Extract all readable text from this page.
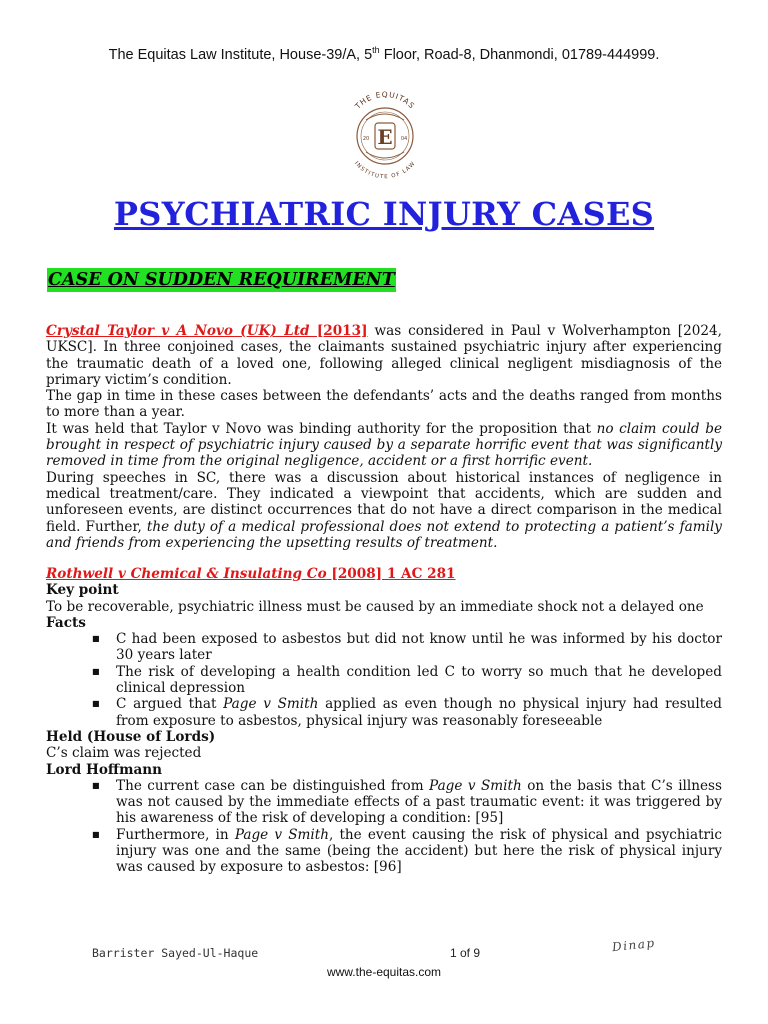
The Equitas Law Institute, House-39/A, 5th Floor, Road-8, Dhanmondi, 01789-444999.
E
20	04
THE EQUITAS
INSTITUTE OF LAW
PSYCHIATRIC INJURY CASES
CASE ON SUDDEN REQUIREMENT

Crystal Taylor v A Novo (UK) Ltd [2013] was considered in Paul v Wolverhampton [2024, UKSC]. In three conjoined cases, the claimants sustained psychiatric injury after experiencing the traumatic death of a loved one, following alleged clinical negligent misdiagnosis of the primary victim’s condition.

The gap in time in these cases between the defendants’ acts and the deaths ranged from months to more than a year.

It was held that Taylor v Novo was binding authority for the proposition that no claim could be brought in respect of psychiatric injury caused by a separate horrific event that was significantly removed in time from the original negligence, accident or a first horrific event.

During speeches in SC, there was a discussion about historical instances of negligence in medical treatment/care. They indicated a viewpoint that accidents, which are sudden and unforeseen events, are distinct occurrences that do not have a direct comparison in the medical field. Further, the duty of a medical professional does not extend to protecting a patient’s family and friends from experiencing the upsetting results of treatment.

Rothwell v Chemical & Insulating Co [2008] 1 AC 281

Key point

To be recoverable, psychiatric illness must be caused by an immediate shock not a delayed one

Facts

■ C had been exposed to asbestos but did not know until he was informed by his doctor 30 years later
■ The risk of developing a health condition led C to worry so much that he developed clinical depression
■ C argued that Page v Smith applied as even though no physical injury had resulted from exposure to asbestos, physical injury was reasonably foreseeable

Held (House of Lords)

C’s claim was rejected

Lord Hoffmann

■ The current case can be distinguished from Page v Smith on the basis that C’s illness was not caused by the immediate effects of a past traumatic event: it was triggered by his awareness of the risk of developing a condition: [95]
■ Furthermore, in Page v Smith, the event causing the risk of physical and psychiatric injury was one and the same (being the accident) but here the risk of physical injury was caused by exposure to asbestos: [96]
Barrister Sayed-Ul-Haque	1 of 9	Dinap
www.the-equitas.com
